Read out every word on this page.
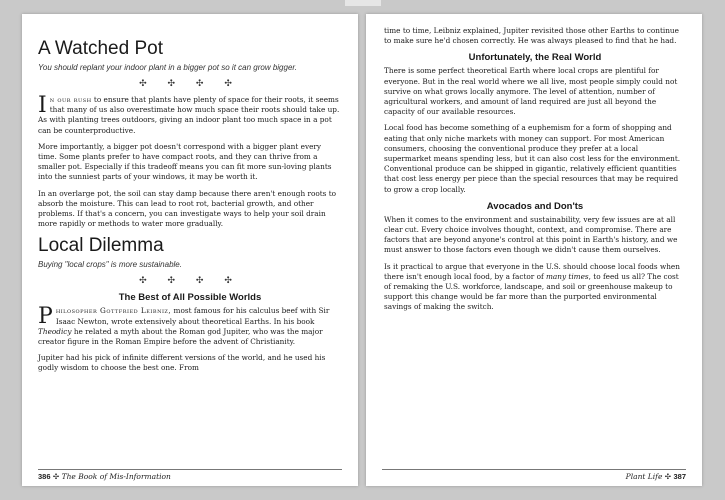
A Watched Pot

You should replant your indoor plant in a bigger pot so it can grow bigger.

✣ ✣ ✣ ✣

In our rush to ensure that plants have plenty of space for their roots, it seems that many of us also overestimate how much space their roots should take up. As with planting trees outdoors, giving an indoor plant too much space in a pot can be counterproductive.

More importantly, a bigger pot doesn't correspond with a bigger plant every time. Some plants prefer to have compact roots, and they can thrive from a smaller pot. Especially if this tradeoff means you can fit more sun-loving plants into the sunniest parts of your windows, it may be worth it.

In an overlarge pot, the soil can stay damp because there aren't enough roots to absorb the moisture. This can lead to root rot, bacterial growth, and other problems. If that's a concern, you can investigate ways to help your soil drain more rapidly or methods to water more gradually.

Local Dilemma

Buying "local crops" is more sustainable.

✣ ✣ ✣ ✣
The Best of All Possible Worlds

Philosopher Gottfried Leibniz, most famous for his calculus beef with Sir Isaac Newton, wrote extensively about theoretical Earths. In his book Theodicy he related a myth about the Roman god Jupiter, who was the major creator figure in the Roman Empire before the advent of Christianity.

Jupiter had his pick of infinite different versions of the world, and he used his godly wisdom to choose the best one. From

386 ✣ The Book of Mis-Information

time to time, Leibniz explained, Jupiter revisited those other Earths to continue to make sure he'd chosen correctly. He was always pleased to find that he had.

Unfortunately, the Real World

There is some perfect theoretical Earth where local crops are plentiful for everyone. But in the real world where we all live, most people simply could not survive on what grows locally anymore. The level of attention, number of agricultural workers, and amount of land required are just all beyond the capacity of our available resources.

Local food has become something of a euphemism for a form of shopping and eating that only niche markets with money can support. For most American consumers, choosing the conventional produce they prefer at a local supermarket means spending less, but it can also cost less for the environment. Conventional produce can be shipped in gigantic, relatively efficient quantities that cost less energy per piece than the special resources that may be required to grow a crop locally.

Avocados and Don'ts

When it comes to the environment and sustainability, very few issues are at all clear cut. Every choice involves thought, context, and compromise. There are factors that are beyond anyone's control at this point in Earth's history, and we must answer to those factors even though we didn't cause them ourselves.

Is it practical to argue that everyone in the U.S. should choose local foods when there isn't enough local food, by a factor of many times, to feed us all? The cost of remaking the U.S. workforce, landscape, and soil or greenhouse makeup to support this change would be far more than the purported environmental savings of making the switch.

Plant Life ✣ 387
